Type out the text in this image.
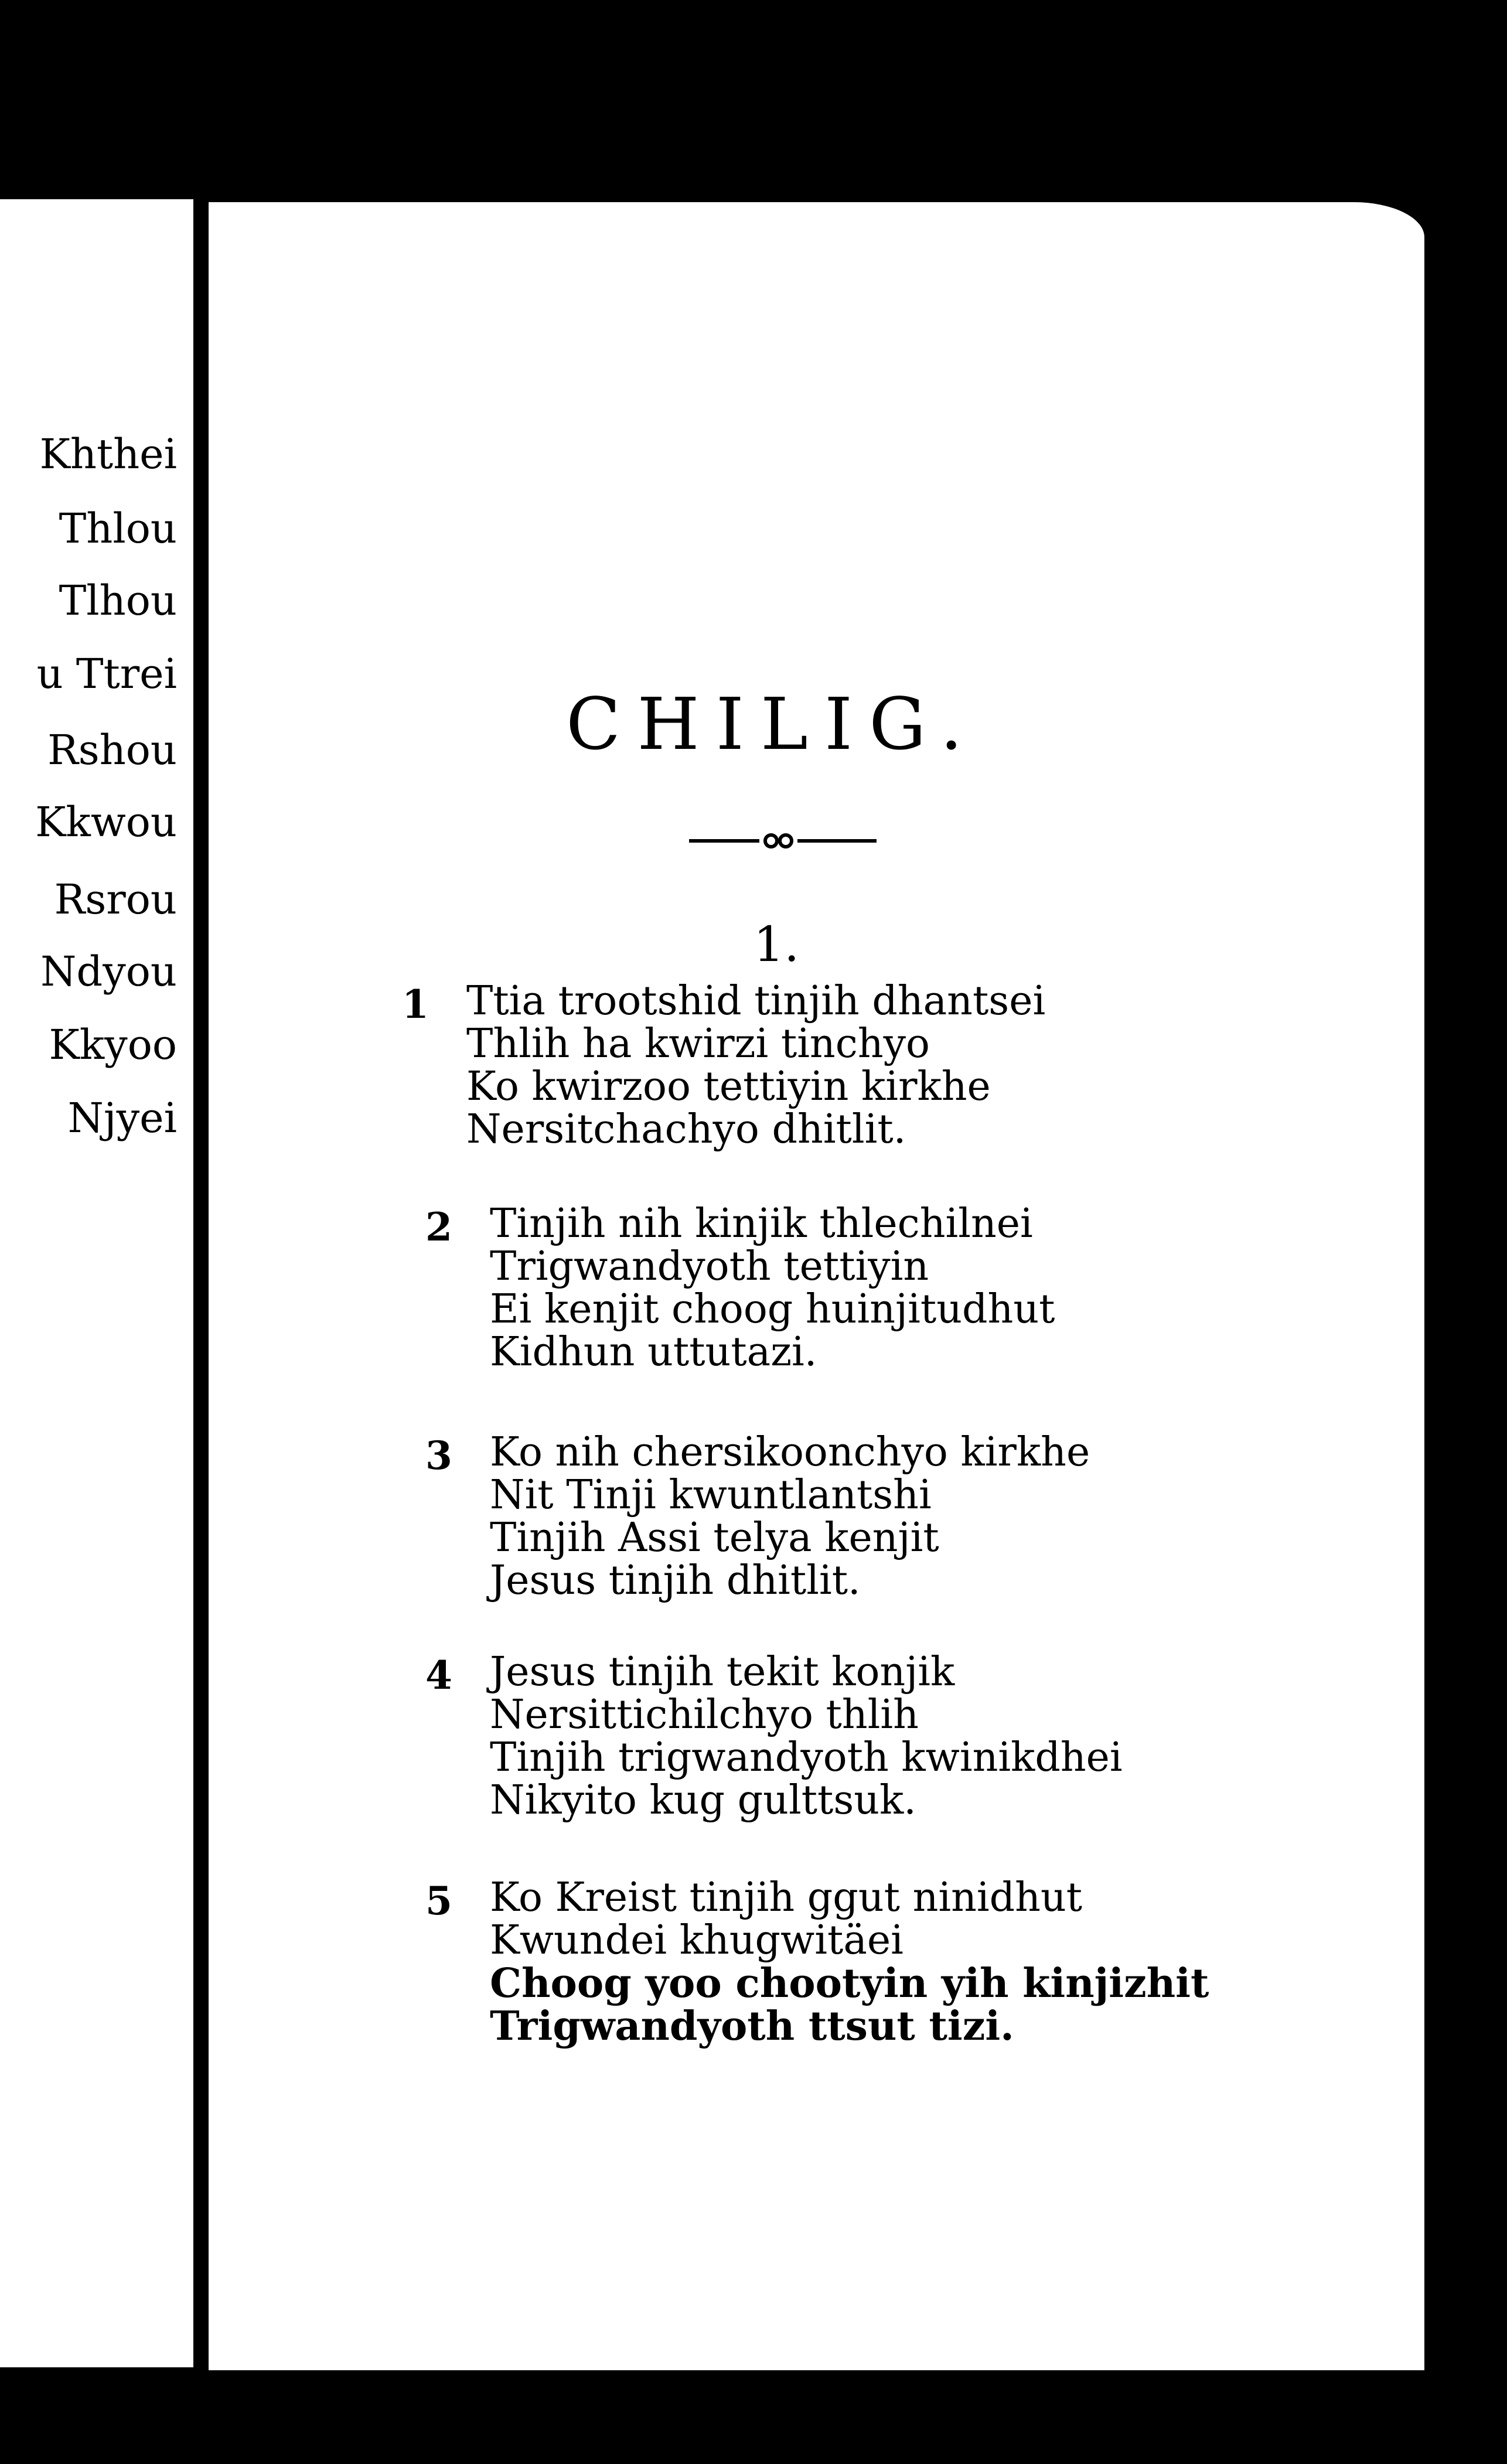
Khthei
Thlou
Tlhou
u Ttrei
Rshou
Kkwou
Rsrou
Ndyou
Kkyoo
Njyei
CHILIG.
1.
1 Ttia trootshid tinjih dhantsei
Thlih ha kwirzi tinchyo
Ko kwirzoo tettiyin kirkhe
Nersitchachyo dhitlit.
2 Tinjih nih kinjik thlechilnei
Trigwandyoth tettiyin
Ei kenjit choog huinjitudhut
Kidhun uttutazi.
3 Ko nih chersikoonchyo kirkhe
Nit Tinji kwuntlantshi
Tinjih Assi telya kenjit
Jesus tinjih dhitlit.
4 Jesus tinjih tekit konjik
Nersittichilchyo thlih
Tinjih trigwandyoth kwinikdhei
Nikyito kug gulttsuk.
5 Ko Kreist tinjih ggut ninidhut
Kwundei khugwitäei
Choog yoo chootyin yih kinjizhit
Trigwandyoth ttsut tizi.
